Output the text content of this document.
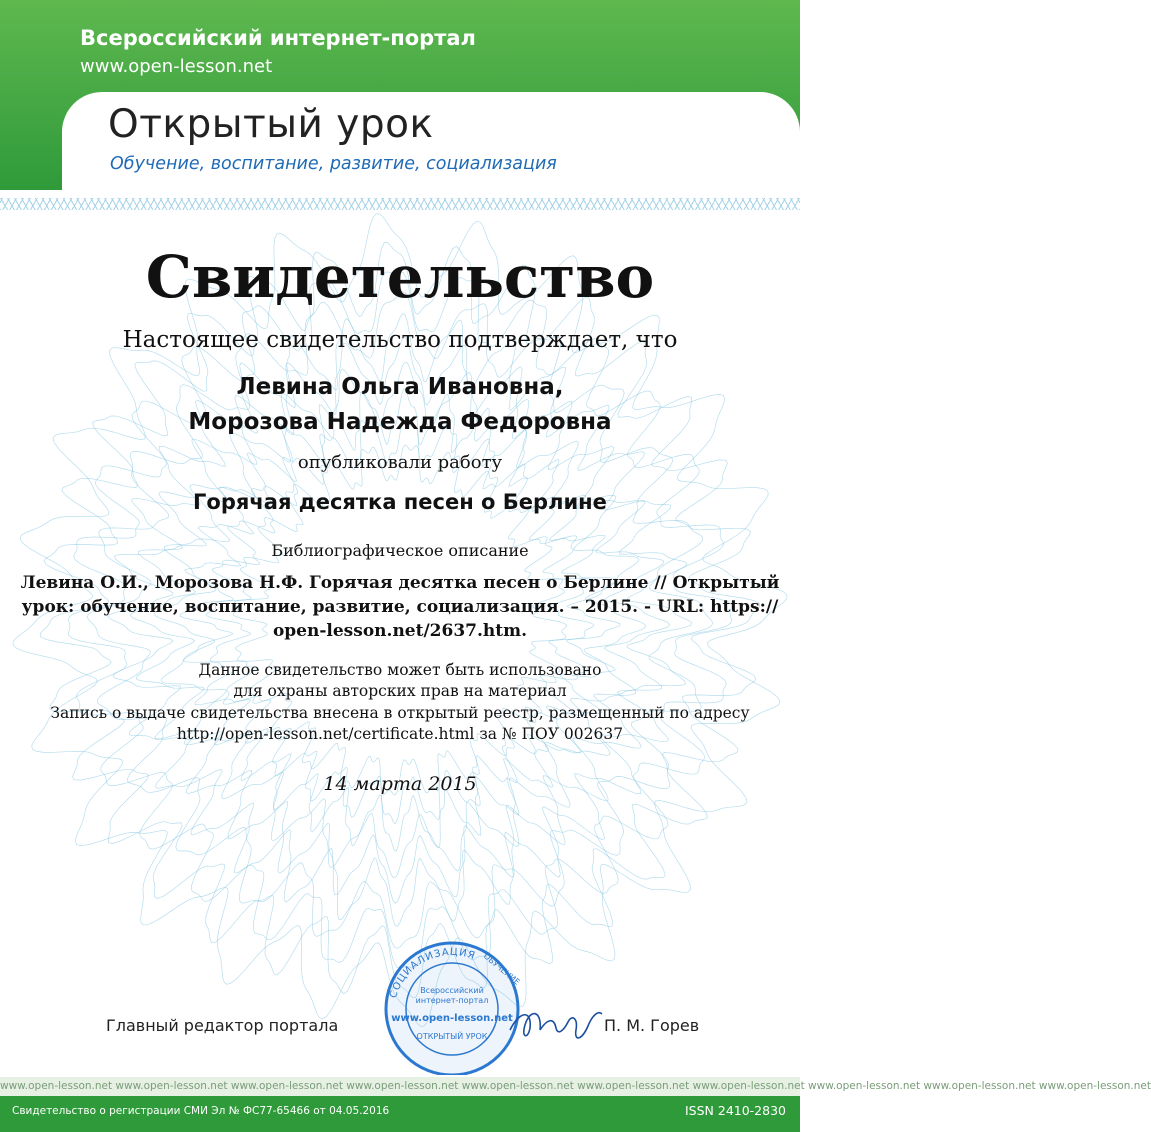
Всероссийский интернет-портал
www.open-lesson.net
Открытый урок
Обучение, воспитание, развитие, социализация
Свидетельство
Настоящее свидетельство подтверждает, что
Левина Ольга Ивановна,
Морозова Надежда Федоровна
опубликовали работу
Горячая десятка песен о Берлине
Библиографическое описание
Левина О.И., Морозова Н.Ф. Горячая десятка песен о Берлине // Открытый
урок: обучение, воспитание, развитие, социализация. – 2015. - URL: https://
open-lesson.net/2637.htm.
Данное свидетельство может быть использовано
для охраны авторских прав на материал
Запись о выдаче свидетельства внесена в открытый реестр, размещенный по адресу
http://open-lesson.net/certificate.html за № ПОУ 002637
14 марта 2015
Главный редактор портала	П. М. Горев
СОЦИАЛИЗАЦИЯ
Всероссийский
интернет-портал
www.open-lesson.net
ОТКРЫТЫЙ УРОК
ОБУЧЕНИЕ
www.open-lesson.net www.open-lesson.net www.open-lesson.net www.open-lesson.net www.open-lesson.net www.open-lesson.net www.open-lesson.net www.open-lesson.net www.open-lesson.net www.open-lesson.net
Свидетельство о регистрации СМИ Эл № ФС77-65466 от 04.05.2016	ISSN 2410-2830
